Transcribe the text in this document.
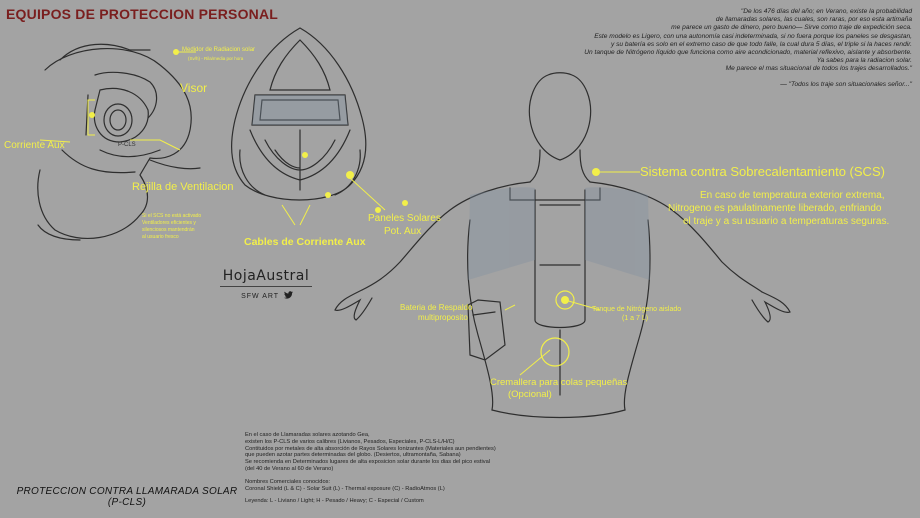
EQUIPOS DE PROTECCION PERSONAL	"De los 476 días del año; en Verano, existe la probabilidad

de llamaradas solares, las cuales, son raras, por eso esta artimaña

me parece un gasto de dinero, pero bueno— Sirve como traje de expedición seca.

Este modelo es Ligero, con una autonomía casi indeterminada, si no fuera porque los paneles se desgastan,

y su batería es solo en el extremo caso de que todo falle, la cual dura 5 días, el triple si la haces rendir.

Un tanque de Nitrógeno líquido que funciona como aire acondicionado, material reflexivo, aislante y absorbente.

Ya sabes para la radiacion solar.

Me parece el mas situacional de todos los trajes desarrollados."

— "Todos los traje son situacionales señor..."

Medidor de Radiacion solar
(Sv/h) - Rila/media por hora
Visor
Corriente Aux
Rejilla de Ventilacion
Si el SCS no está activado
Ventiladores eficientes y
silenciosos mantendrán
al usuario fresco
P-CLS
Cables de Corriente Aux
Paneles Solares
Pot. Aux
Sistema contra Sobrecalentamiento (SCS)
En caso de temperatura exterior extrema,
Nitrogeno es paulatinamente liberado, enfriando
el traje y a su usuario a temperaturas seguras.
Bateria de Respaldo
multiproposito
Tanque de Nitrógeno aislado
(1 a 7 L)
Cremallera para colas pequeñas
(Opcional)
HojaAustral
SFW ART

En el caso de Llamaradas solares azotando Gea,

existen los P-CLS de varios calibres (Livianos, Pesados, Especiales, P-CLS-L/H/C)

Contituidos por metales de alta absorción de Rayos Solares Ionizantes (Materiales aun pendientes)

que pueden azotar partes determinadas del globo. (Desiertos, ultramontaña, Sabana)

Se recomienda en Determinados lugares de alta exposicion solar durante los dias del pico estival

(del 40 de Verano al 60 de Verano)

Nombres Comerciales conocidos:

Coronal Shield (L & C) - Solar Suit (L) - Thermal exposure (C) - RadioAtmos (L)

Leyenda: L - Liviano / Light; H - Pesado / Heavy; C - Especial / Custom

PROTECCION CONTRA LLAMARADA SOLAR
(P-CLS)
